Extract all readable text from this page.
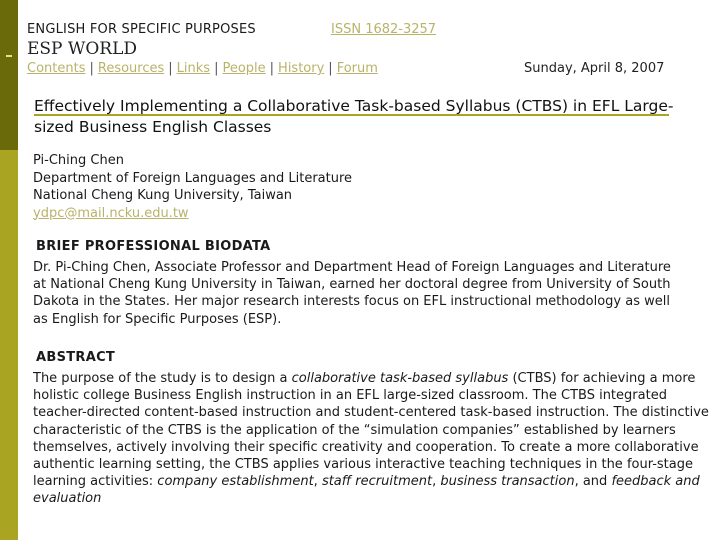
ENGLISH FOR SPECIFIC PURPOSES	ISSN 1682-3257
ESP WORLD
Contents | Resources | Links | People | History | Forum	Sunday, April 8, 2007
Effectively Implementing a Collaborative Task-based Syllabus (CTBS) in EFL Large-sized Business English Classes
Pi-Ching Chen
Department of Foreign Languages and Literature
National Cheng Kung University, Taiwan
ydpc@mail.ncku.edu.tw
BRIEF PROFESSIONAL BIODATA
Dr. Pi-Ching Chen, Associate Professor and Department Head of Foreign Languages and Literature at National Cheng Kung University in Taiwan, earned her doctoral degree from University of South Dakota in the States. Her major research interests focus on EFL instructional methodology as well as English for Specific Purposes (ESP).
ABSTRACT
The purpose of the study is to design a collaborative task-based syllabus (CTBS) for achieving a more holistic college Business English instruction in an EFL large-sized classroom. The CTBS integrated teacher-directed content-based instruction and student-centered task-based instruction. The distinctive characteristic of the CTBS is the application of the “simulation companies” established by learners themselves, actively involving their specific creativity and cooperation. To create a more collaborative authentic learning setting, the CTBS applies various interactive teaching techniques in the four-stage learning activities: company establishment, staff recruitment, business transaction, and feedback and evaluation
